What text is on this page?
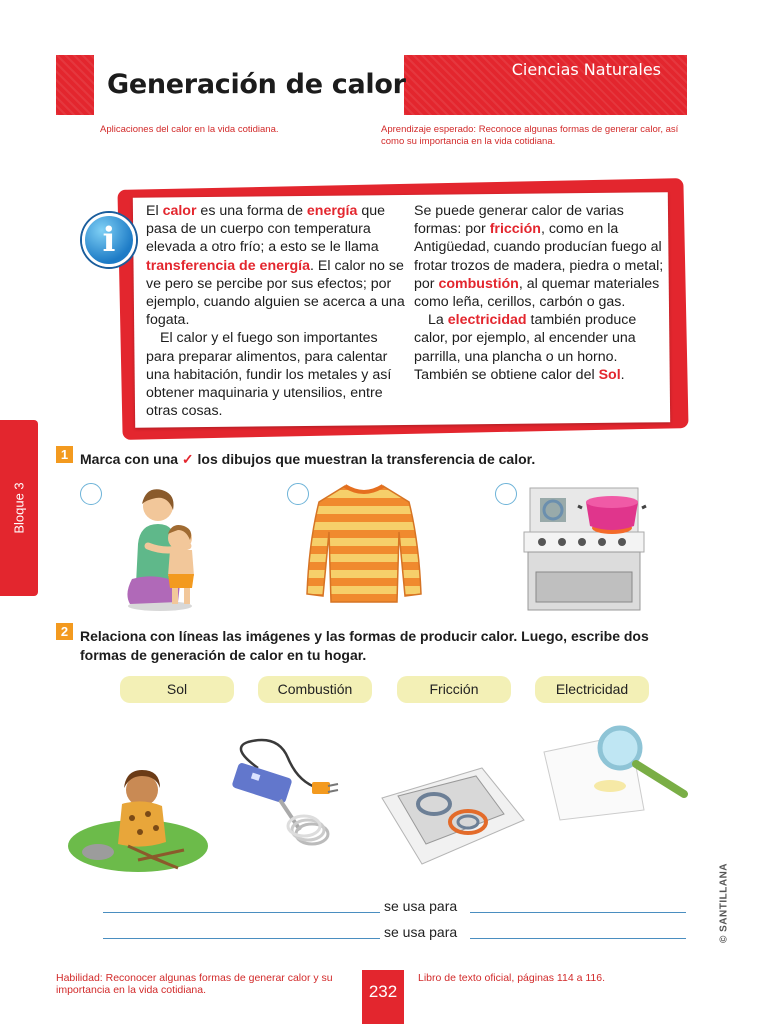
Generación de calor	Ciencias Naturales
Aplicaciones del calor en la vida cotidiana.	Aprendizaje esperado: Reconoce algunas formas de generar calor, así como su importancia en la vida cotidiana.
i
El calor es una forma de energía que pasa de un cuerpo con temperatura elevada a otro frío; a esto se le llama transferencia de energía. El calor no se ve pero se percibe por sus efectos; por ejemplo, cuando alguien se acerca a una fogata.
El calor y el fuego son importantes para preparar alimentos, para calentar una habitación, fundir los metales y así obtener maquinaria y utensilios, entre otras cosas.
Se puede generar calor de varias formas: por fricción, como en la Antigüedad, cuando producían fuego al frotar trozos de madera, piedra o metal; por combustión, al quemar materiales como leña, cerillos, carbón o gas.
La electricidad también produce calor, por ejemplo, al encender una parrilla, una plancha o un horno. También se obtiene calor del Sol.
Bloque 3
1 Marca con una ✓ los dibujos que muestran la transferencia de calor.
2 Relaciona con líneas las imágenes y las formas de producir calor. Luego, escribe dos formas de generación de calor en tu hogar.
Sol	Combustión	Fricción	Electricidad
se usa para
se usa para	© SANTILLANA
Habilidad: Reconocer algunas formas de generar calor y su importancia en la vida cotidiana.	232
Libro de texto oficial, páginas 114 a 116.
